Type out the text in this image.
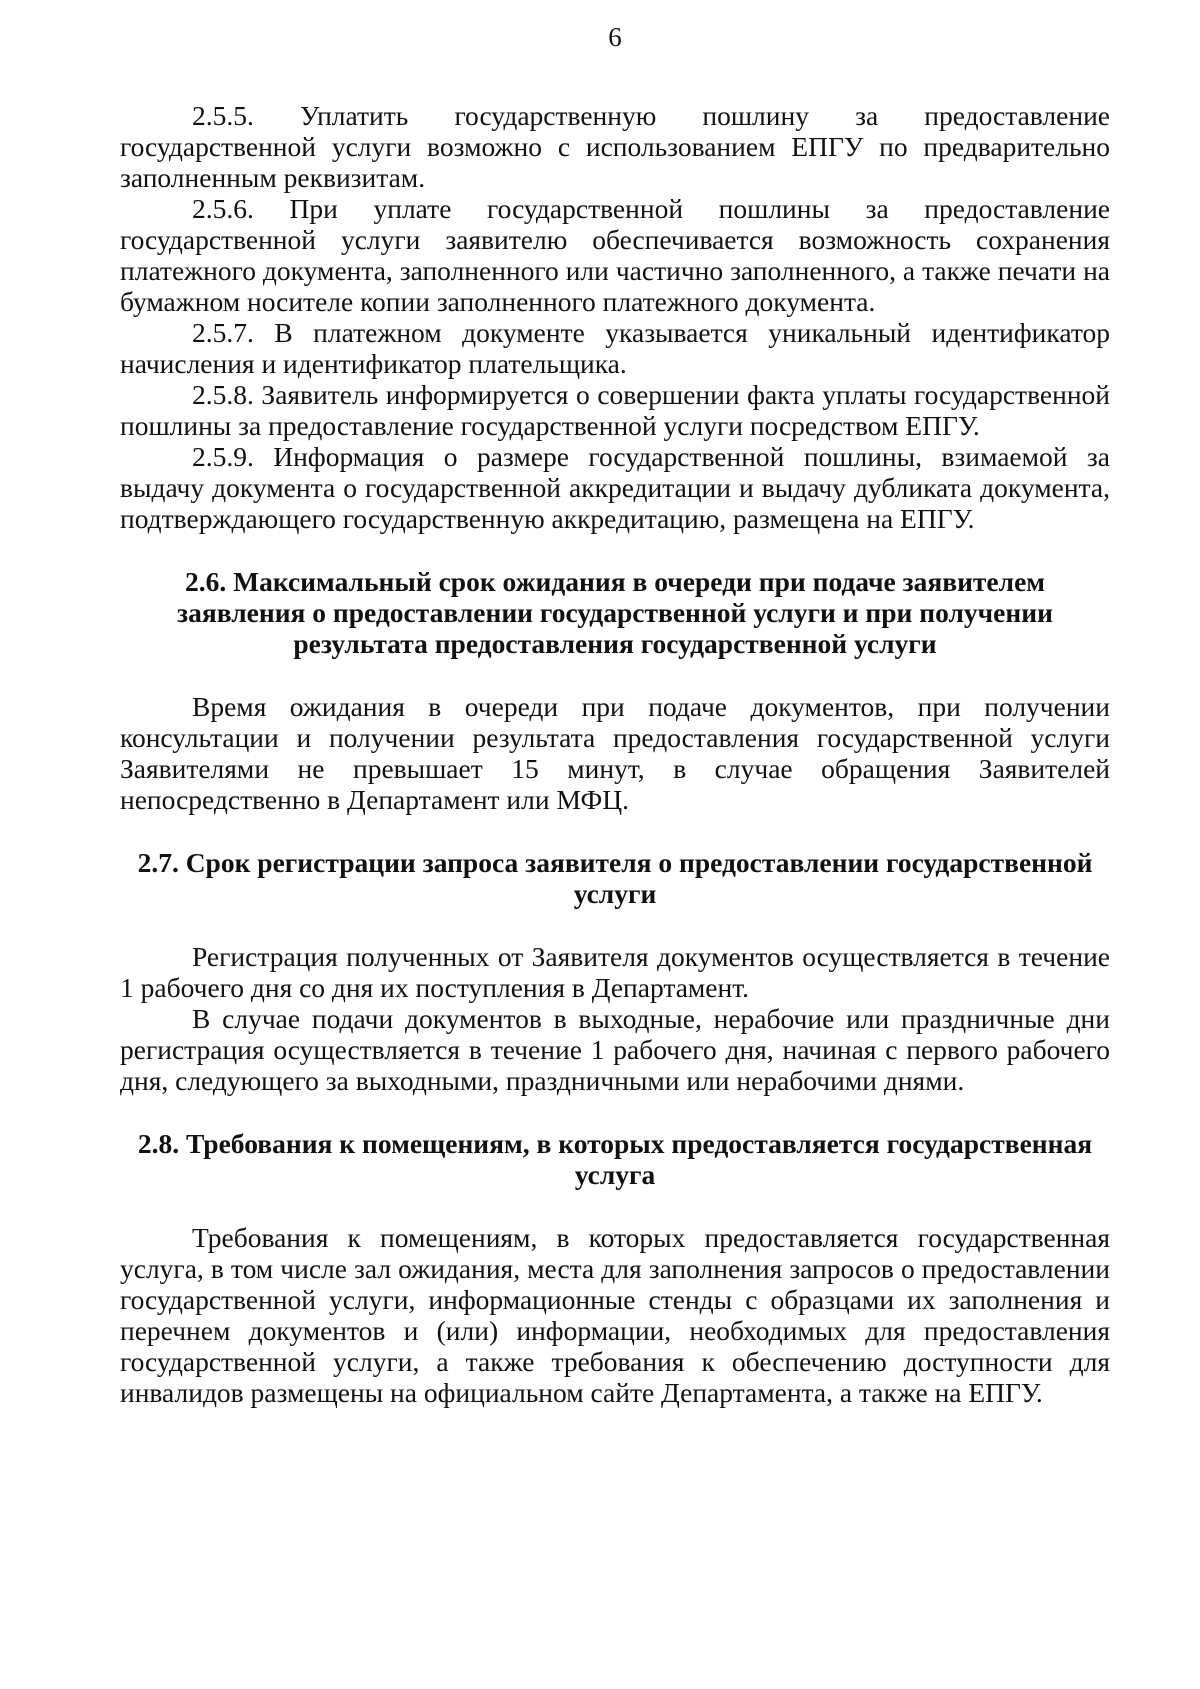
6

2.5.5. Уплатить государственную пошлину за предоставление государственной услуги возможно с использованием ЕПГУ по предварительно заполненным реквизитам.

2.5.6. При уплате государственной пошлины за предоставление государственной услуги заявителю обеспечивается возможность сохранения платежного документа, заполненного или частично заполненного, а также печати на бумажном носителе копии заполненного платежного документа.

2.5.7. В платежном документе указывается уникальный идентификатор начисления и идентификатор плательщика.

2.5.8. Заявитель информируется о совершении факта уплаты государственной пошлины за предоставление государственной услуги посредством ЕПГУ.

2.5.9. Информация о размере государственной пошлины, взимаемой за выдачу документа о государственной аккредитации и выдачу дубликата документа, подтверждающего государственную аккредитацию, размещена на ЕПГУ.

2.6. Максимальный срок ожидания в очереди при подаче заявителем заявления о предоставлении государственной услуги и при получении результата предоставления государственной услуги

Время ожидания в очереди при подаче документов, при получении консультации и получении результата предоставления государственной услуги Заявителями не превышает 15 минут, в случае обращения Заявителей непосредственно в Департамент или МФЦ.

2.7. Срок регистрации запроса заявителя о предоставлении государственной услуги

Регистрация полученных от Заявителя документов осуществляется в течение 1 рабочего дня со дня их поступления в Департамент.

В случае подачи документов в выходные, нерабочие или праздничные дни регистрация осуществляется в течение 1 рабочего дня, начиная с первого рабочего дня, следующего за выходными, праздничными или нерабочими днями.

2.8. Требования к помещениям, в которых предоставляется государственная услуга

Требования к помещениям, в которых предоставляется государственная услуга, в том числе зал ожидания, места для заполнения запросов о предоставлении государственной услуги, информационные стенды с образцами их заполнения и перечнем документов и (или) информации, необходимых для предоставления государственной услуги, а также требования к обеспечению доступности для инвалидов размещены на официальном сайте Департамента, а также на ЕПГУ.
